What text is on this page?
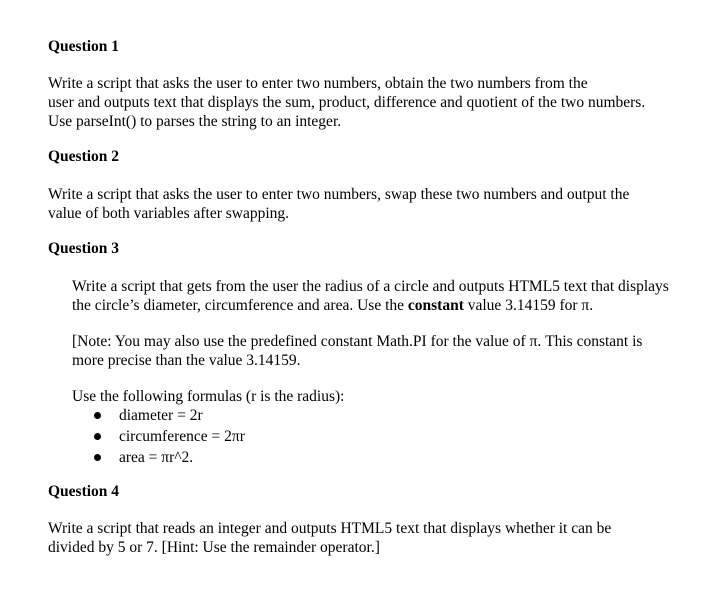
Question 1
Write a script that asks the user to enter two numbers, obtain the two numbers from the
user and outputs text that displays the sum, product, difference and quotient of the two numbers.
Use parseInt() to parses the string to an integer.
Question 2
Write a script that asks the user to enter two numbers, swap these two numbers and output the
value of both variables after swapping.
Question 3
Write a script that gets from the user the radius of a circle and outputs HTML5 text that displays
the circle’s diameter, circumference and area. Use the constant value 3.14159 for π.
[Note: You may also use the predefined constant Math.PI for the value of π. This constant is
more precise than the value 3.14159.
Use the following formulas (r is the radius):
diameter = 2r
circumference = 2πr
area = πr^2.
Question 4
Write a script that reads an integer and outputs HTML5 text that displays whether it can be
divided by 5 or 7. [Hint: Use the remainder operator.]
